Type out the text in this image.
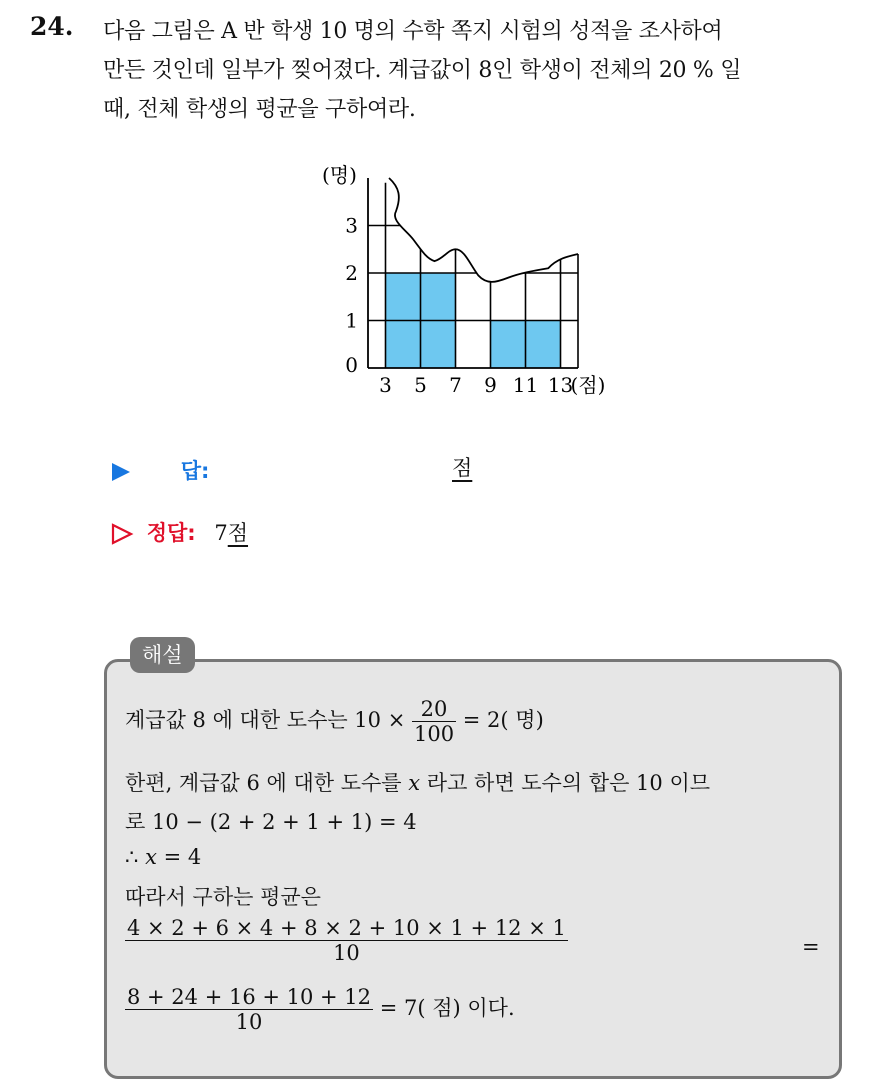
24. 다음 그림은 A 반 학생 10 명의 수학 쪽지 시험의 성적을 조사하여
만든 것인데 일부가 찢어졌다. 계급값이 8인 학생이 전체의 20 % 일
때, 전체 학생의 평균을 구하여라.
0
1
2
3
3 5 7 9 11 13
(명)
(점)
답:	점
정답: 7점
해설
계급값 8 에 대한 도수는 $10 \times \frac{20}{100} = 2$( 명)
한편, 계급값 6 에 대한 도수를 x 라고 하면 도수의 합은 10 이므
로 10 − (2 + 2 + 1 + 1) = 4
∴ x = 4
따라서 구하는 평균은
$\frac{4 \times 2 + 6 \times 4 + 8 \times 2 + 10 \times 1 + 12 \times 1}{10}$	=
$\frac{8 + 24 + 16 + 10 + 12}{10} = 7$( 점) 이다.
